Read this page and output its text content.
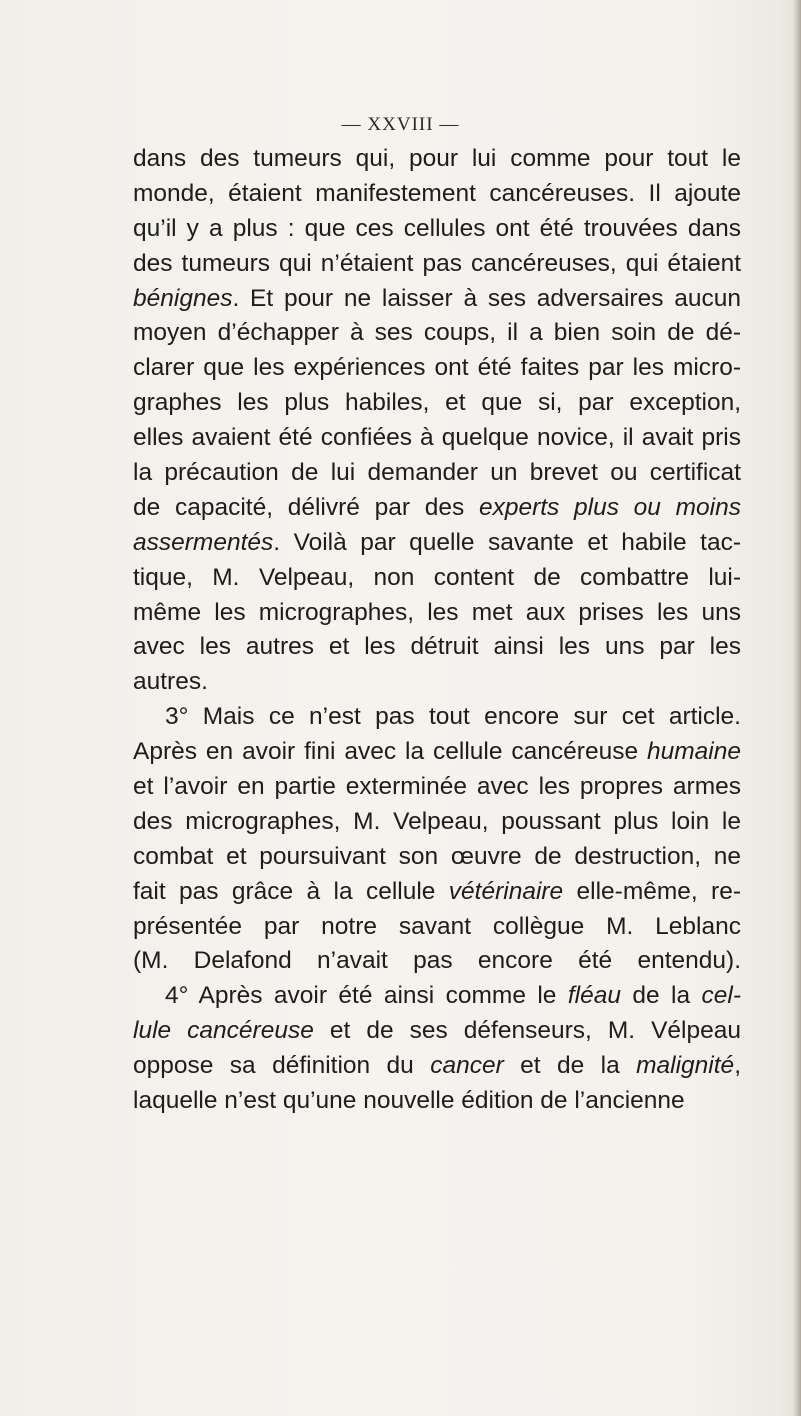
— XXVIII —
dans des tumeurs qui, pour lui comme pour tout le
monde, étaient manifestement cancéreuses. Il ajoute
qu’il y a plus : que ces cellules ont été trouvées dans
des tumeurs qui n’étaient pas cancéreuses, qui étaient
bénignes. Et pour ne laisser à ses adversaires aucun
moyen d’échapper à ses coups, il a bien soin de dé-
clarer que les expériences ont été faites par les micro-
graphes les plus habiles, et que si, par exception,
elles avaient été confiées à quelque novice, il avait pris
la précaution de lui demander un brevet ou certificat
de capacité, délivré par des experts plus ou moins
assermentés. Voilà par quelle savante et habile tac-
tique, M. Velpeau, non content de combattre lui-
même les micrographes, les met aux prises les uns
avec les autres et les détruit ainsi les uns par les
autres.
3° Mais ce n’est pas tout encore sur cet article.
Après en avoir fini avec la cellule cancéreuse humaine
et l’avoir en partie exterminée avec les propres armes
des micrographes, M. Velpeau, poussant plus loin le
combat et poursuivant son œuvre de destruction, ne
fait pas grâce à la cellule vétérinaire elle-même, re-
présentée par notre savant collègue M. Leblanc
(M. Delafond n’avait pas encore été entendu).
4° Après avoir été ainsi comme le fléau de la cel-
lule cancéreuse et de ses défenseurs, M. Vélpeau
oppose sa définition du cancer et de la malignité,
laquelle n’est qu’une nouvelle édition de l’ancienne
